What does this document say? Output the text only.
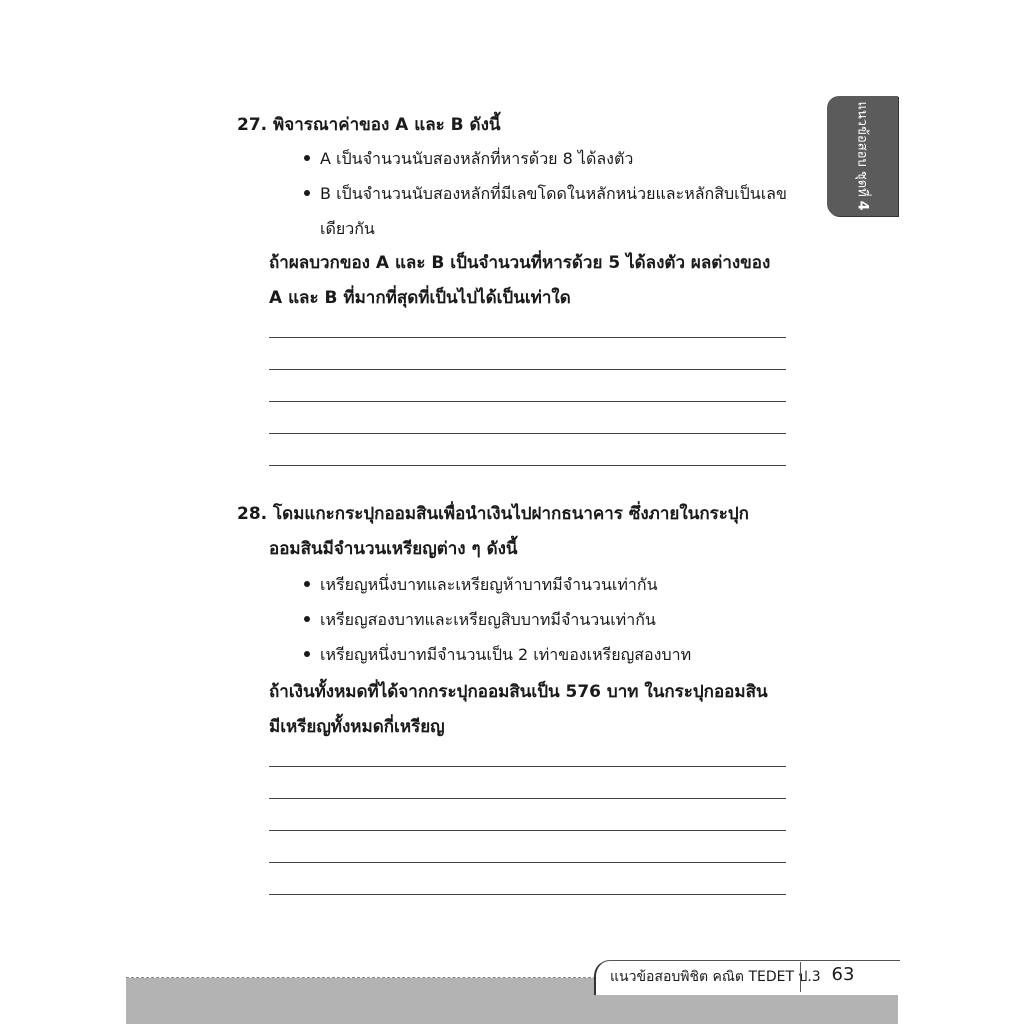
แนวข้อสอบ ชุดที่4
27. พิจารณาค่าของ A และ B ดังนี้
A เป็นจำนวนนับสองหลักที่หารด้วย 8 ได้ลงตัว
B เป็นจำนวนนับสองหลักที่มีเลขโดดในหลักหน่วยและหลักสิบเป็นเลข
เดียวกัน
ถ้าผลบวกของ A และ B เป็นจำนวนที่หารด้วย 5 ได้ลงตัว ผลต่างของ
A และ B ที่มากที่สุดที่เป็นไปได้เป็นเท่าใด
28. โดมแกะกระปุกออมสินเพื่อนำเงินไปฝากธนาคาร ซึ่งภายในกระปุก
ออมสินมีจำนวนเหรียญต่าง ๆ ดังนี้
เหรียญหนึ่งบาทและเหรียญห้าบาทมีจำนวนเท่ากัน
เหรียญสองบาทและเหรียญสิบบาทมีจำนวนเท่ากัน
เหรียญหนึ่งบาทมีจำนวนเป็น 2 เท่าของเหรียญสองบาท
ถ้าเงินทั้งหมดที่ได้จากกระปุกออมสินเป็น 576 บาท ในกระปุกออมสิน
มีเหรียญทั้งหมดกี่เหรียญ
แนวข้อสอบพิชิต คณิต TEDET ป.3 63
